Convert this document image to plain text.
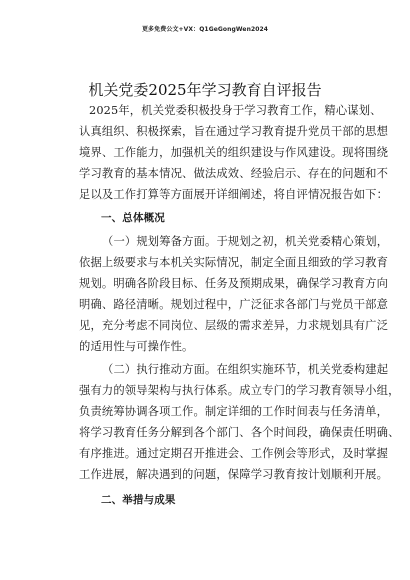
更多免费公文+VX：Q1GeGongWen2024
机关党委2025年学习教育自评报告
2025年，机关党委积极投身于学习教育工作，精心谋划、
认真组织、积极探索，旨在通过学习教育提升党员干部的思想
境界、工作能力，加强机关的组织建设与作风建设。现将围绕
学习教育的基本情况、做法成效、经验启示、存在的问题和不
足以及工作打算等方面展开详细阐述，将自评情况报告如下：

一、总体概况

（一）规划筹备方面。于规划之初，机关党委精心策划，
依据上级要求与本机关实际情况，制定全面且细致的学习教育
规划。明确各阶段目标、任务及预期成果，确保学习教育方向
明确、路径清晰。规划过程中，广泛征求各部门与党员干部意
见，充分考虑不同岗位、层级的需求差异，力求规划具有广泛
的适用性与可操作性。
（二）执行推动方面。在组织实施环节，机关党委构建起
强有力的领导架构与执行体系。成立专门的学习教育领导小组，
负责统筹协调各项工作。制定详细的工作时间表与任务清单，
将学习教育任务分解到各个部门、各个时间段，确保责任明确、
有序推进。通过定期召开推进会、工作例会等形式，及时掌握
工作进展，解决遇到的问题，保障学习教育按计划顺利开展。

二、举措与成果
